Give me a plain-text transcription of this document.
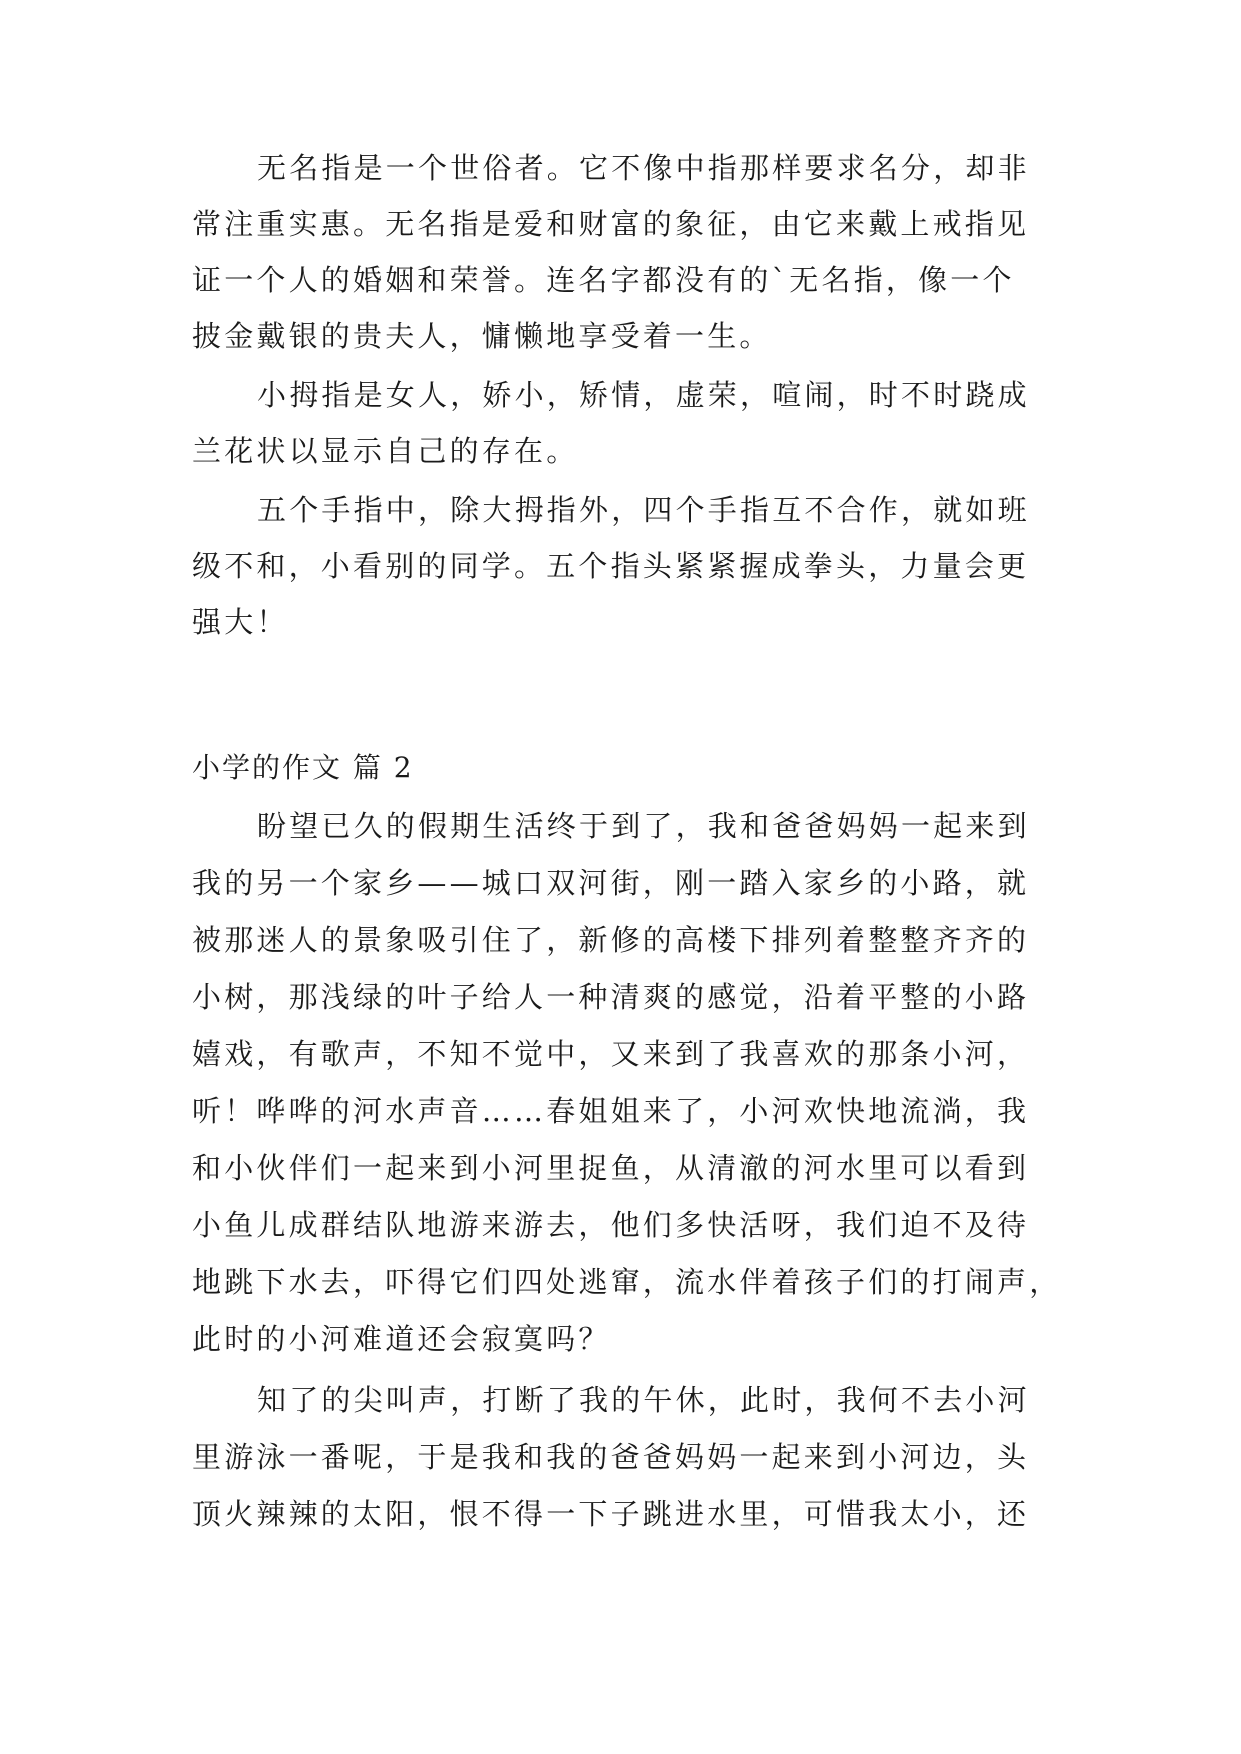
无名指是一个世俗者。它不像中指那样要求名分，却非
常注重实惠。无名指是爱和财富的象征，由它来戴上戒指见
证一个人的婚姻和荣誉。连名字都没有的`无名指，像一个
披金戴银的贵夫人，慵懒地享受着一生。
小拇指是女人，娇小，矫情，虚荣，喧闹，时不时跷成
兰花状以显示自己的存在。
五个手指中，除大拇指外，四个手指互不合作，就如班
级不和，小看别的同学。五个指头紧紧握成拳头，力量会更
强大！
小学的作文 篇 2
盼望已久的假期生活终于到了，我和爸爸妈妈一起来到
我的另一个家乡——城口双河街，刚一踏入家乡的小路，就
被那迷人的景象吸引住了，新修的高楼下排列着整整齐齐的
小树，那浅绿的叶子给人一种清爽的感觉，沿着平整的小路
嬉戏，有歌声，不知不觉中，又来到了我喜欢的那条小河，
听！哗哗的河水声音……春姐姐来了，小河欢快地流淌，我
和小伙伴们一起来到小河里捉鱼，从清澈的河水里可以看到
小鱼儿成群结队地游来游去，他们多快活呀，我们迫不及待
地跳下水去，吓得它们四处逃窜，流水伴着孩子们的打闹声，
此时的小河难道还会寂寞吗？
知了的尖叫声，打断了我的午休，此时，我何不去小河
里游泳一番呢，于是我和我的爸爸妈妈一起来到小河边，头
顶火辣辣的太阳，恨不得一下子跳进水里，可惜我太小，还
